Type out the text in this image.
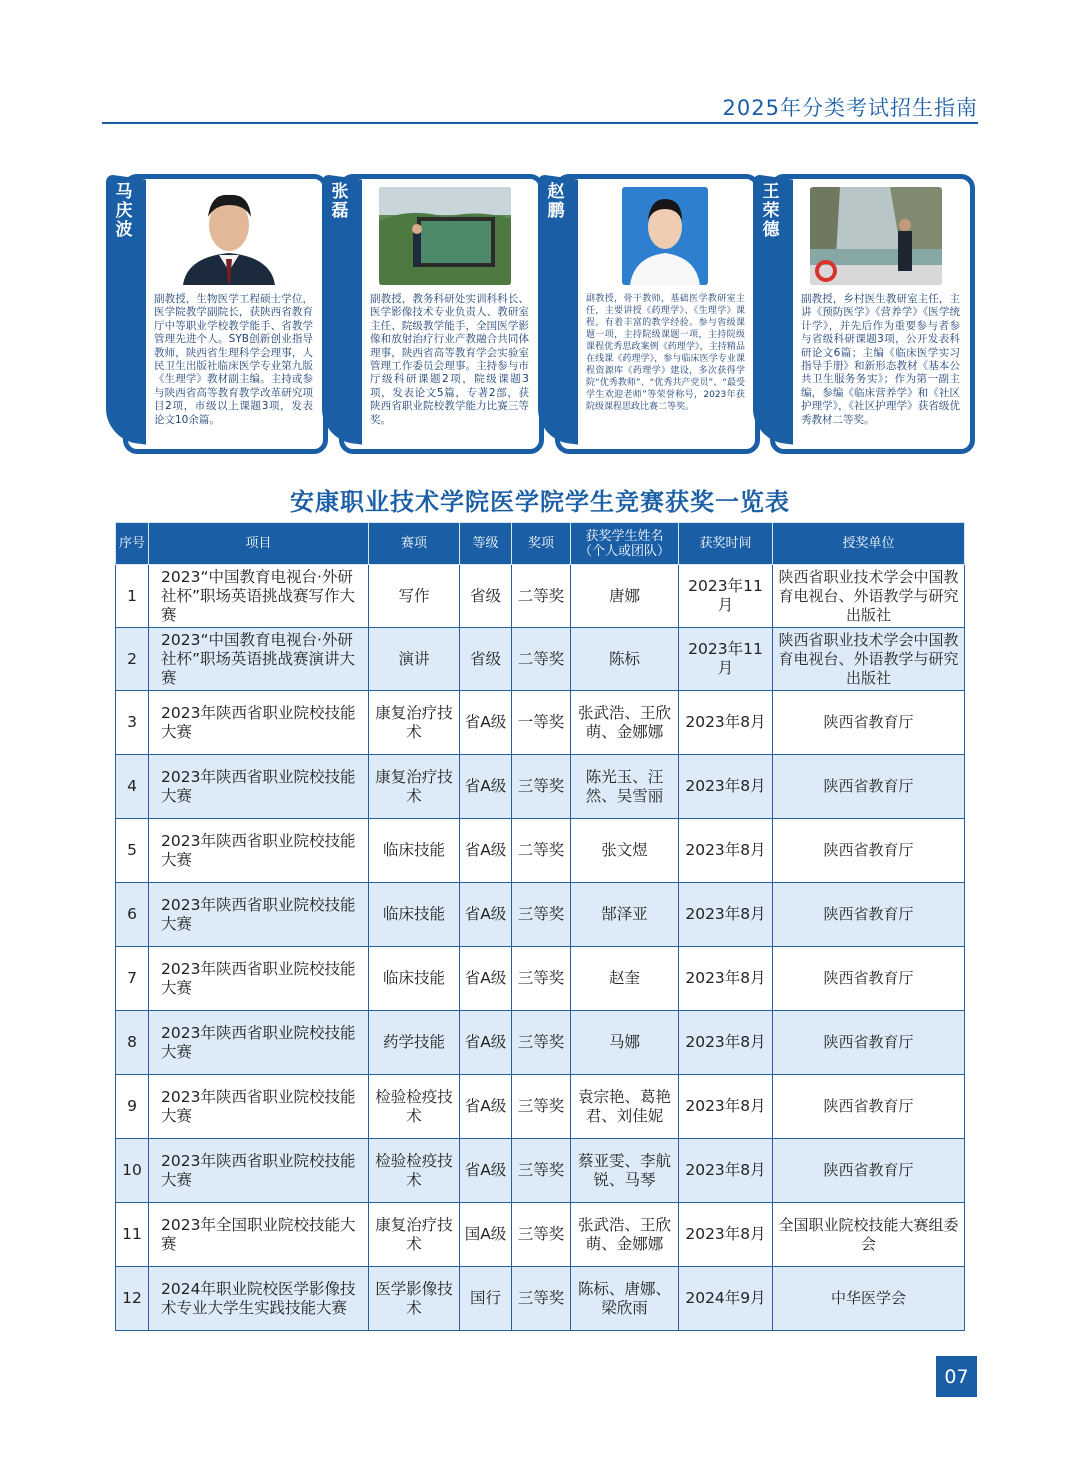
2025年分类考试招生指南
马庆波
副教授，生物医学工程硕士学位，医学院教学副院长，获陕西省教育厅中等职业学校教学能手、省教学管理先进个人。SYB创新创业指导教师，陕西省生理科学会理事，人民卫生出版社临床医学专业第九版《生理学》教材副主编。主持或参与陕西省高等教育教学改革研究项目2项，市级以上课题3项，发表论文10余篇。
张磊
副教授，教务科研处实训科科长、医学影像技术专业负责人、教研室主任、院级教学能手，全国医学影像和放射治疗行业产教融合共同体理事，陕西省高等教育学会实验室管理工作委员会理事。主持参与市厅级科研课题2项，院级课题3项，发表论文5篇，专著2部，获陕西省职业院校教学能力比赛三等奖。
赵鹏
副教授，骨干教师，基础医学教研室主任，主要讲授《药理学》、《生理学》课程，有着丰富的教学经验。参与省级课题一项，主持院级课题一项，主持院级课程优秀思政案例《药理学》，主持精品在线课《药理学》，参与临床医学专业课程资源库《药理学》建设，多次获得学院“优秀教师”、“优秀共产党员”、“最受学生欢迎老师”等荣誉称号，2023年获院级课程思政比赛二等奖。
王荣德
副教授，乡村医生教研室主任，主讲《预防医学》《营养学》《医学统计学》，并先后作为重要参与者参与省级科研课题3项，公开发表科研论文6篇；主编《临床医学实习指导手册》和新形态教材《基本公共卫生服务务实》；作为第一副主编，参编《临床营养学》和《社区护理学》，《社区护理学》获省级优秀教材二等奖。
安康职业技术学院医学院学生竞赛获奖一览表
序号	项目	赛项	等级	奖项	获奖学生姓名（个人或团队）	获奖时间	授奖单位
1	2023“中国教育电视台·外研社杯”职场英语挑战赛写作大赛	写作	省级	二等奖	唐娜	2023年11月	陕西省职业技术学会中国教育电视台、外语教学与研究出版社
2	2023“中国教育电视台·外研社杯”职场英语挑战赛演讲大赛	演讲	省级	二等奖	陈标	2023年11月	陕西省职业技术学会中国教育电视台、外语教学与研究出版社
3	2023年陕西省职业院校技能大赛	康复治疗技术	省A级	一等奖	张武浩、王欣萌、金娜娜	2023年8月	陕西省教育厅
4	2023年陕西省职业院校技能大赛	康复治疗技术	省A级	三等奖	陈光玉、汪然、吴雪丽	2023年8月	陕西省教育厅
5	2023年陕西省职业院校技能大赛	临床技能	省A级	二等奖	张文煜	2023年8月	陕西省教育厅
6	2023年陕西省职业院校技能大赛	临床技能	省A级	三等奖	郜泽亚	2023年8月	陕西省教育厅
7	2023年陕西省职业院校技能大赛	临床技能	省A级	三等奖	赵奎	2023年8月	陕西省教育厅
8	2023年陕西省职业院校技能大赛	药学技能	省A级	三等奖	马娜	2023年8月	陕西省教育厅
9	2023年陕西省职业院校技能大赛	检验检疫技术	省A级	三等奖	袁宗艳、葛艳君、刘佳妮	2023年8月	陕西省教育厅
10	2023年陕西省职业院校技能大赛	检验检疫技术	省A级	三等奖	蔡亚雯、李航锐、马琴	2023年8月	陕西省教育厅
11	2023年全国职业院校技能大赛	康复治疗技术	国A级	三等奖	张武浩、王欣萌、金娜娜	2023年8月	全国职业院校技能大赛组委会
12	2024年职业院校医学影像技术专业大学生实践技能大赛	医学影像技术	国行	三等奖	陈标、唐娜、梁欣雨	2024年9月	中华医学会
07
